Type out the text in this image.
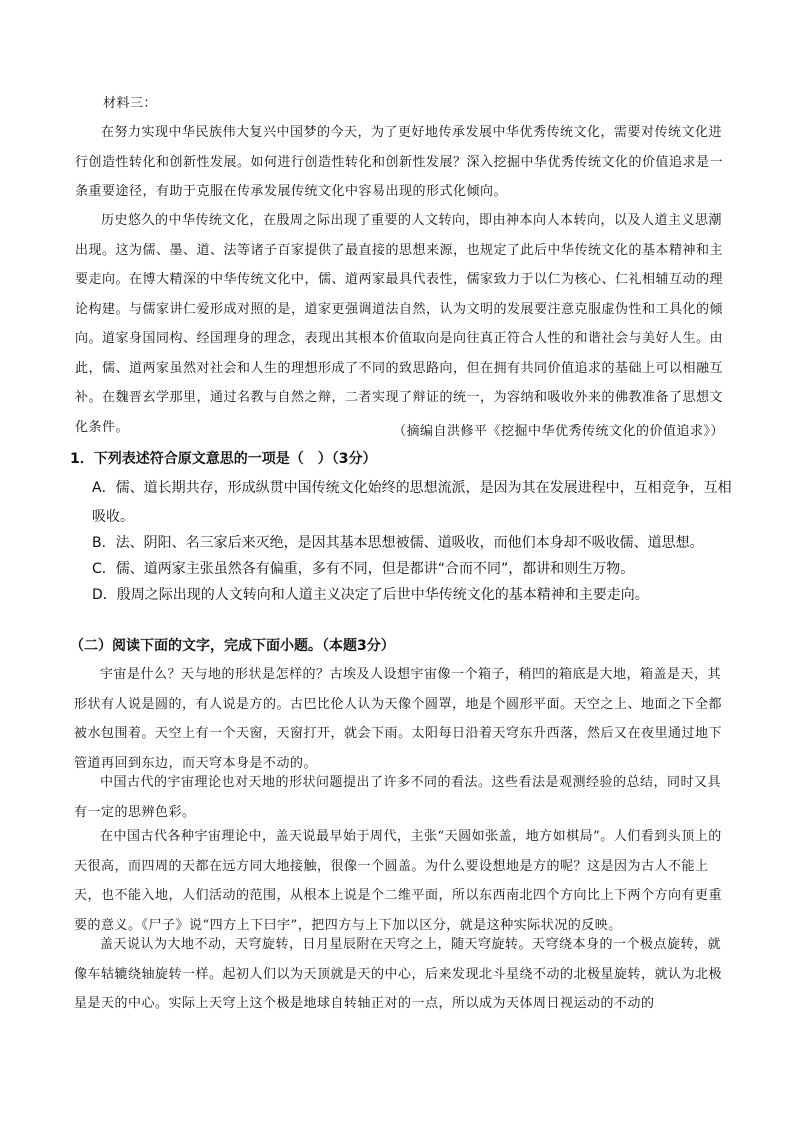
材料三：

在努力实现中华民族伟大复兴中国梦的今天，为了更好地传承发展中华优秀传统文化，需要对传统文化进行创造性转化和创新性发展。如何进行创造性转化和创新性发展？深入挖掘中华优秀传统文化的价值追求是一条重要途径，有助于克服在传承发展传统文化中容易出现的形式化倾向。

历史悠久的中华传统文化，在殷周之际出现了重要的人文转向，即由神本向人本转向，以及人道主义思潮出现。这为儒、墨、道、法等诸子百家提供了最直接的思想来源，也规定了此后中华传统文化的基本精神和主要走向。在博大精深的中华传统文化中，儒、道两家最具代表性，儒家致力于以仁为核心、仁礼相辅互动的理论构建。与儒家讲仁爱形成对照的是，道家更强调道法自然，认为文明的发展要注意克服虚伪性和工具化的倾向。道家身国同构、经国理身的理念，表现出其根本价值取向是向往真正符合人性的和谐社会与美好人生。由此，儒、道两家虽然对社会和人生的理想形成了不同的致思路向，但在拥有共同价值追求的基础上可以相融互补。在魏晋玄学那里，通过名教与自然之辩，二者实现了辩证的统一，为容纳和吸收外来的佛教准备了思想文化条件。	（摘编自洪修平《挖掘中华优秀传统文化的价值追求》）

1．下列表述符合原文意思的一项是（　）（3分）

A．儒、道长期共存，形成纵贯中国传统文化始终的思想流派，是因为其在发展进程中，互相竞争，互相吸收。

B．法、阴阳、名三家后来灭绝，是因其基本思想被儒、道吸收，而他们本身却不吸收儒、道思想。

C．儒、道两家主张虽然各有偏重，多有不同，但是都讲“合而不同”，都讲和则生万物。

D．殷周之际出现的人文转向和人道主义决定了后世中华传统文化的基本精神和主要走向。

（二）阅读下面的文字，完成下面小题。（本题3分）

宇宙是什么？天与地的形状是怎样的？古埃及人设想宇宙像一个箱子，稍凹的箱底是大地，箱盖是天，其形状有人说是圆的，有人说是方的。古巴比伦人认为天像个圆罩，地是个圆形平面。天空之上、地面之下全都被水包围着。天空上有一个天窗，天窗打开，就会下雨。太阳每日沿着天穹东升西落，然后又在夜里通过地下管道再回到东边，而天穹本身是不动的。

中国古代的宇宙理论也对天地的形状问题提出了许多不同的看法。这些看法是观测经验的总结，同时又具有一定的思辨色彩。

在中国古代各种宇宙理论中，盖天说最早始于周代，主张“天圆如张盖，地方如棋局”。人们看到头顶上的天很高，而四周的天都在远方同大地接触，很像一个圆盖。为什么要设想地是方的呢？这是因为古人不能上天，也不能入地，人们活动的范围，从根本上说是个二维平面，所以东西南北四个方向比上下两个方向有更重要的意义。《尸子》说“四方上下曰宇”，把四方与上下加以区分，就是这种实际状况的反映。

盖天说认为大地不动，天穹旋转，日月星辰附在天穹之上，随天穹旋转。天穹绕本身的一个极点旋转，就像车轱辘绕轴旋转一样。起初人们以为天顶就是天的中心，后来发现北斗星绕不动的北极星旋转，就认为北极星是天的中心。实际上天穹上这个极是地球自转轴正对的一点，所以成为天体周日视运动的不动的
